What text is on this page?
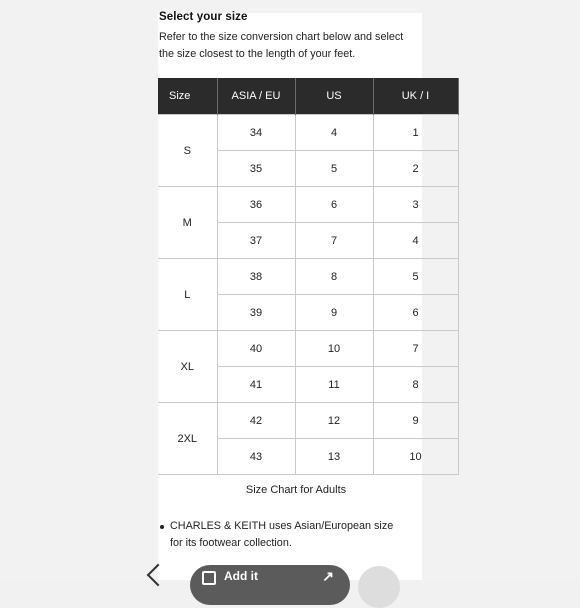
Select your size
Refer to the size conversion chart below and select the size closest to the length of your feet.
Size	ASIA / EU	US	UK / I
S	34	4	1
	35	5	2
M	36	6	3
	37	7	4
L	38	8	5
	39	9	6
XL	40	10	7
	41	11	8
2XL	42	12	9
	43	13	10
Size Chart for Adults
CHARLES & KEITH uses Asian/European size for its footwear collection.
Add it	↗
